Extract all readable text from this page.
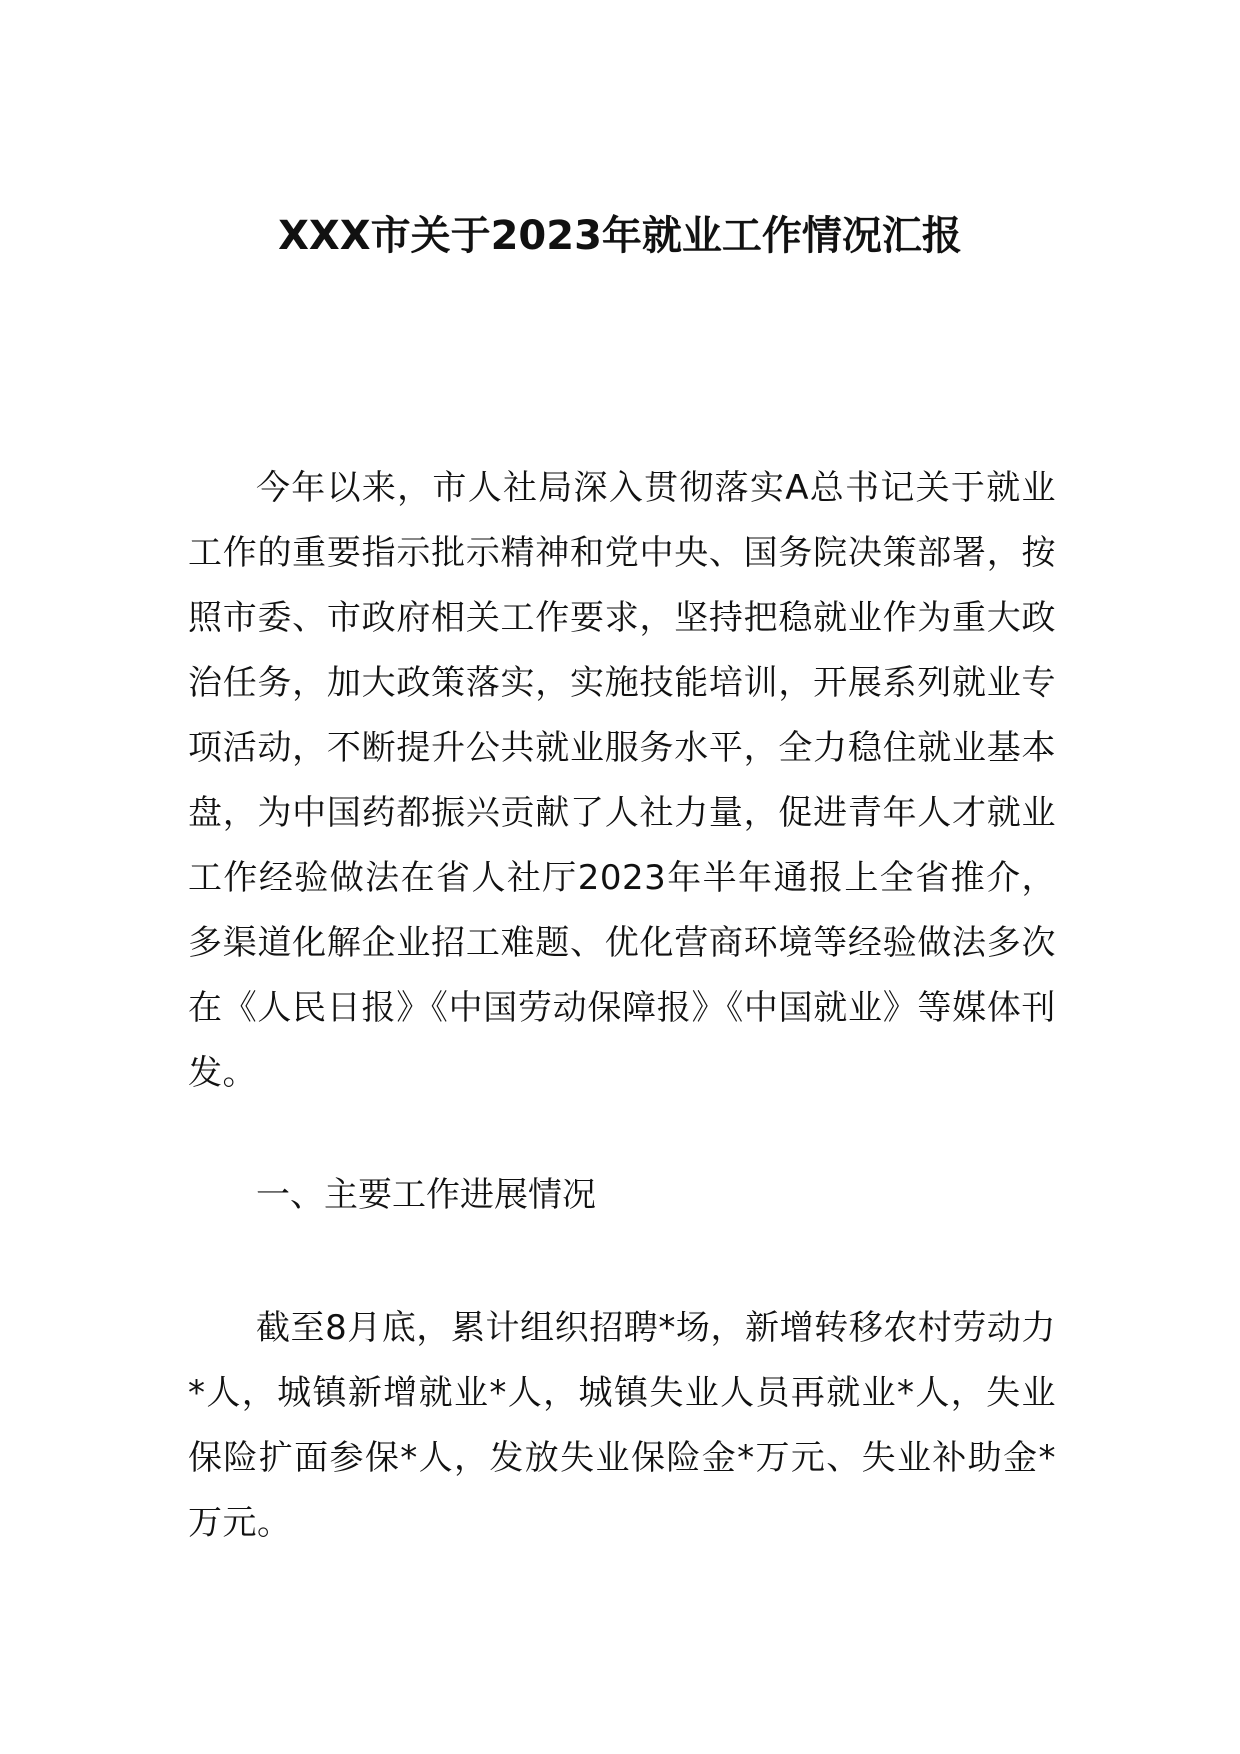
XXX市关于2023年就业工作情况汇报

今年以来，市人社局深入贯彻落实A总书记关于就业工作的重要指示批示精神和党中央、国务院决策部署，按照市委、市政府相关工作要求，坚持把稳就业作为重大政治任务，加大政策落实，实施技能培训，开展系列就业专项活动，不断提升公共就业服务水平，全力稳住就业基本盘，为中国药都振兴贡献了人社力量，促进青年人才就业工作经验做法在省人社厅2023年半年通报上全省推介，多渠道化解企业招工难题、优化营商环境等经验做法多次在《人民日报》《中国劳动保障报》《中国就业》等媒体刊发。

一、主要工作进展情况

截至8月底，累计组织招聘*场，新增转移农村劳动力*人，城镇新增就业*人，城镇失业人员再就业*人，失业保险扩面参保*人，发放失业保险金*万元、失业补助金*万元。
